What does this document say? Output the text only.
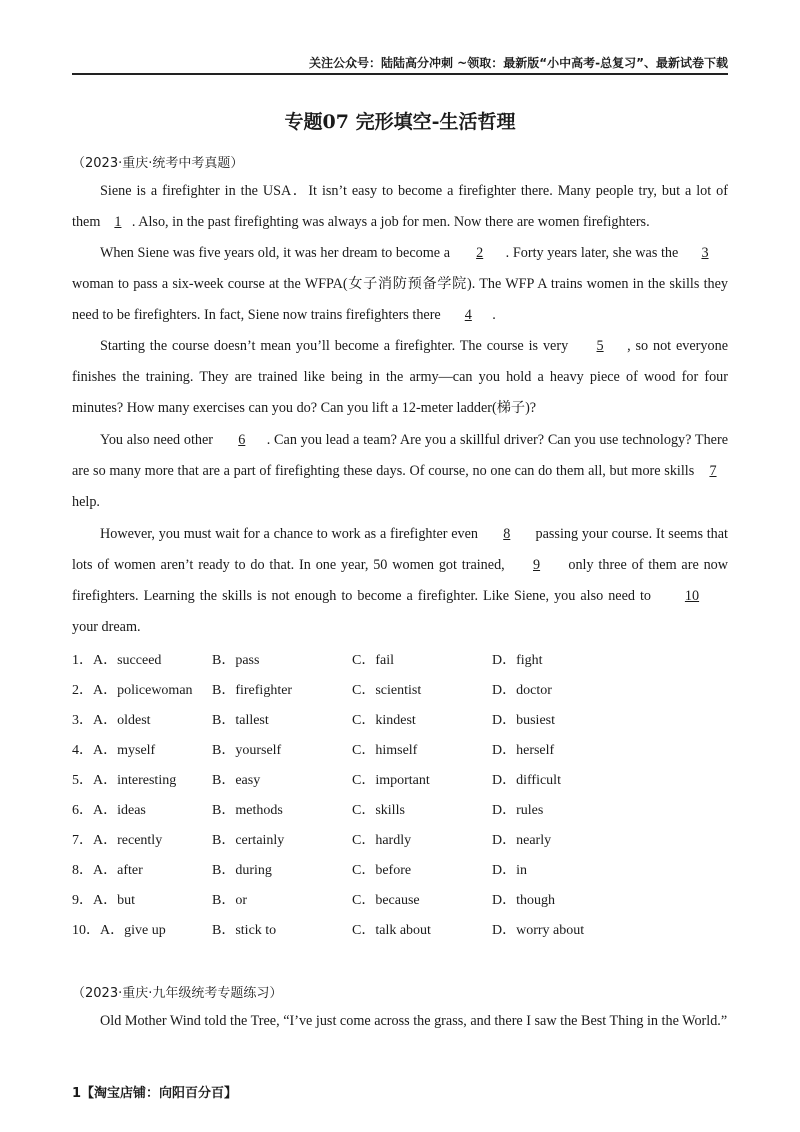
关注公众号：陆陆高分冲刺 ~领取：最新版“小中高考-总复习”、最新试卷下载
专题07 完形填空-生活哲理
（2023·重庆·统考中考真题）

Siene is a firefighter in the USA．It isn’t easy to become a firefighter there. Many people try, but a lot of them 1 . Also, in the past firefighting was always a job for men. Now there are women firefighters.

When Siene was five years old, it was her dream to become a 2 . Forty years later, she was the 3 woman to pass a six-week course at the WFPA(女子消防预备学院). The WFP A trains women in the skills they need to be firefighters. In fact, Siene now trains firefighters there 4 .

Starting the course doesn’t mean you’ll become a firefighter. The course is very 5 , so not everyone finishes the training. They are trained like being in the army—can you hold a heavy piece of wood for four minutes? How many exercises can you do? Can you lift a 12-meter ladder(梯子)?

You also need other 6 . Can you lead a team? Are you a skillful driver? Can you use technology? There are so many more that are a part of firefighting these days. Of course, no one can do them all, but more skills 7 help.

However, you must wait for a chance to work as a firefighter even 8 passing your course. It seems that lots of women aren’t ready to do that. In one year, 50 women got trained, 9 only three of them are now firefighters. Learning the skills is not enough to become a firefighter. Like Siene, you also need to 10 your dream.

1．A．succeed	B．pass	C．fail	D．fight
2．A．policewoman B．firefighter	C．scientist	D．doctor
3．A．oldest	B．tallest	C．kindest	D．busiest
4．A．myself	B．yourself	C．himself	D．herself
5．A．interesting	B．easy	C．important	D．difficult
6．A．ideas	B．methods	C．skills	D．rules
7．A．recently	B．certainly	C．hardly	D．nearly
8．A．after	B．during	C．before	D．in
9．A．but	B．or	C．because	D．though
10．A．give up	B．stick to	C．talk about	D．worry about
（2023·重庆·九年级统考专题练习）

Old Mother Wind told the Tree, “I’ve just come across the grass, and there I saw the Best Thing in the World.”

1【淘宝店铺：向阳百分百】
